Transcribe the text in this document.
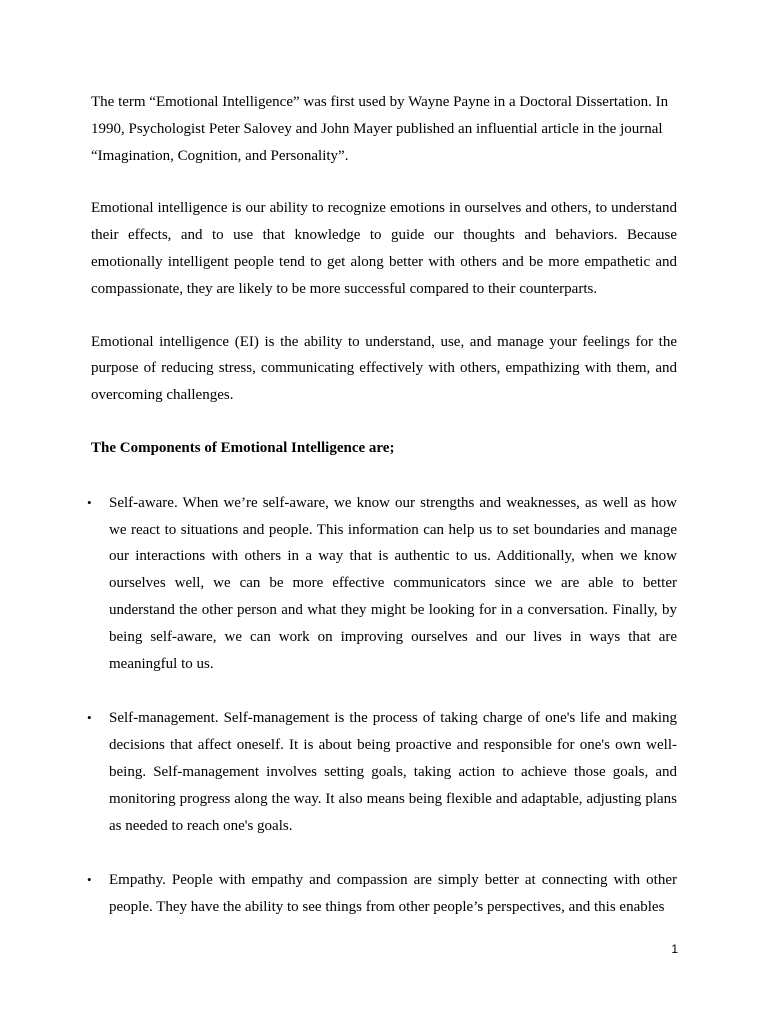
The term “Emotional Intelligence” was first used by Wayne Payne in a Doctoral Dissertation. In 1990, Psychologist Peter Salovey and John Mayer published an influential article in the journal “Imagination, Cognition, and Personality”.

Emotional intelligence is our ability to recognize emotions in ourselves and others, to understand their effects, and to use that knowledge to guide our thoughts and behaviors. Because emotionally intelligent people tend to get along better with others and be more empathetic and compassionate, they are likely to be more successful compared to their counterparts.

Emotional intelligence (EI) is the ability to understand, use, and manage your feelings for the purpose of reducing stress, communicating effectively with others, empathizing with them, and overcoming challenges.

The Components of Emotional Intelligence are;
• Self-aware. When we’re self-aware, we know our strengths and weaknesses, as well as how we react to situations and people. This information can help us to set boundaries and manage our interactions with others in a way that is authentic to us. Additionally, when we know ourselves well, we can be more effective communicators since we are able to better understand the other person and what they might be looking for in a conversation. Finally, by being self-aware, we can work on improving ourselves and our lives in ways that are meaningful to us.
• Self-management. Self-management is the process of taking charge of one's life and making decisions that affect oneself. It is about being proactive and responsible for one's own well-being. Self-management involves setting goals, taking action to achieve those goals, and monitoring progress along the way. It also means being flexible and adaptable, adjusting plans as needed to reach one's goals.
• Empathy. People with empathy and compassion are simply better at connecting with other people. They have the ability to see things from other people’s perspectives, and this enables
1
